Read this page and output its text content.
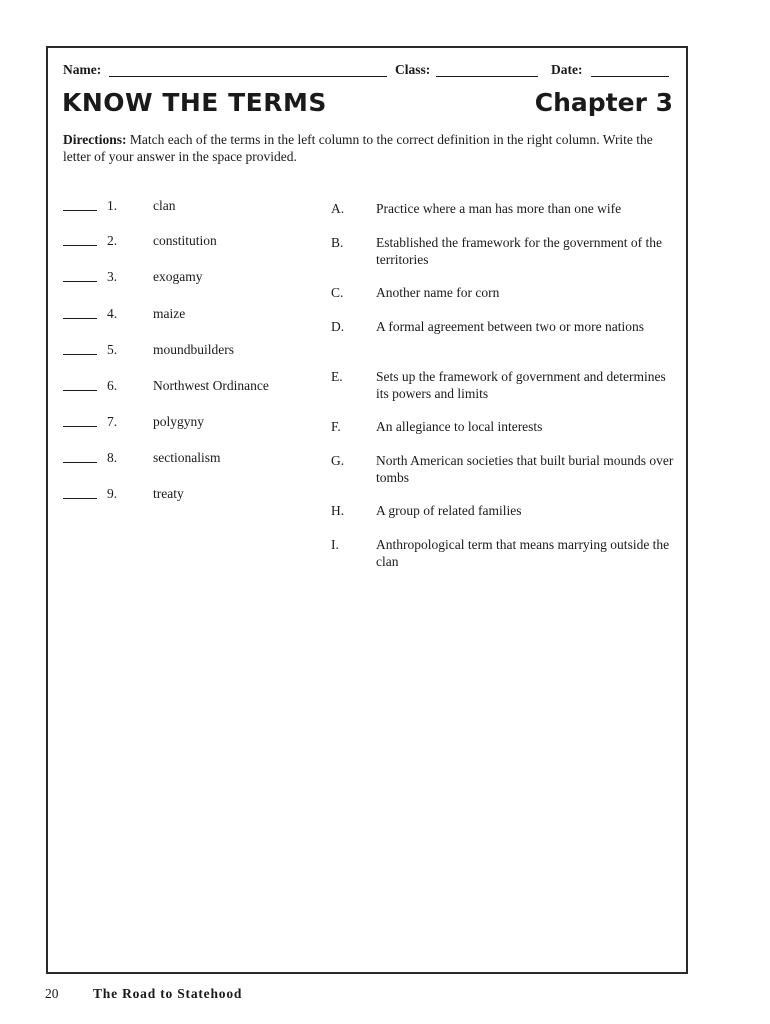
Name:	Class:	Date:
KNOW THE TERMS	Chapter 3
Directions: Match each of the terms in the left column to the correct definition in the right column. Write the letter of your answer in the space provided.
1.	clan
2.	constitution
3.	exogamy
4.	maize
5.	moundbuilders
6.	Northwest Ordinance
7.	polygyny
8.	sectionalism
9.	treaty
A. Practice where a man has more than one wife
B. Established the framework for the government of the territories
C. Another name for corn
D. A formal agreement between two or more nations
E. Sets up the framework of government and determines its powers and limits
F.	An allegiance to local interests
G. North American societies that built burial mounds over tombs
H. A group of related families
I.	Anthropological term that means marrying outside the clan
20	The Road to Statehood
